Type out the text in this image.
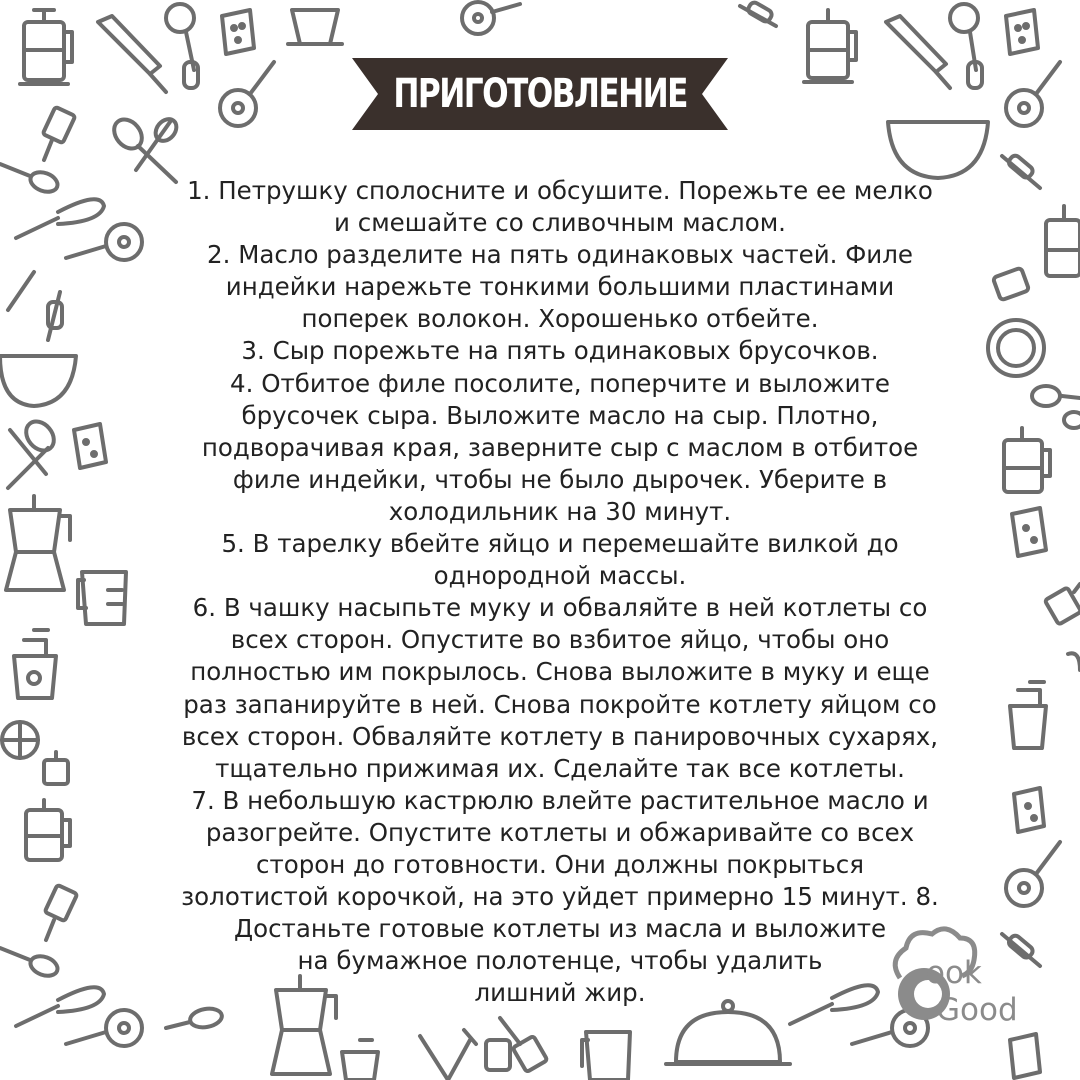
ПРИГОТОВЛЕНИЕ
1. Петрушку сполосните и обсушите. Порежьте ее мелко
и смешайте со сливочным маслом.
2. Масло разделите на пять одинаковых частей. Филе
индейки нарежьте тонкими большими пластинами
поперек волокон. Хорошенько отбейте.
3. Сыр порежьте на пять одинаковых брусочков.
4. Отбитое филе посолите, поперчите и выложите
брусочек сыра. Выложите масло на сыр. Плотно,
подворачивая края, заверните сыр с маслом в отбитое
филе индейки, чтобы не было дырочек. Уберите в
холодильник на 30 минут.
5. В тарелку вбейте яйцо и перемешайте вилкой до
однородной массы.
6. В чашку насыпьте муку и обваляйте в ней котлеты со
всех сторон. Опустите во взбитое яйцо, чтобы оно
полностью им покрылось. Снова выложите в муку и еще
раз запанируйте в ней. Снова покройте котлету яйцом со
всех сторон. Обваляйте котлету в панировочных сухарях,
тщательно прижимая их. Сделайте так все котлеты.
7. В небольшую кастрюлю влейте растительное масло и
разогрейте. Опустите котлеты и обжаривайте со всех
сторон до готовности. Они должны покрыться
золотистой корочкой, на это уйдет примерно 15 минут. 8.
Достаньте готовые котлеты из масла и выложите
на бумажное полотенце, чтобы удалить
лишний жир.
ook
Good
